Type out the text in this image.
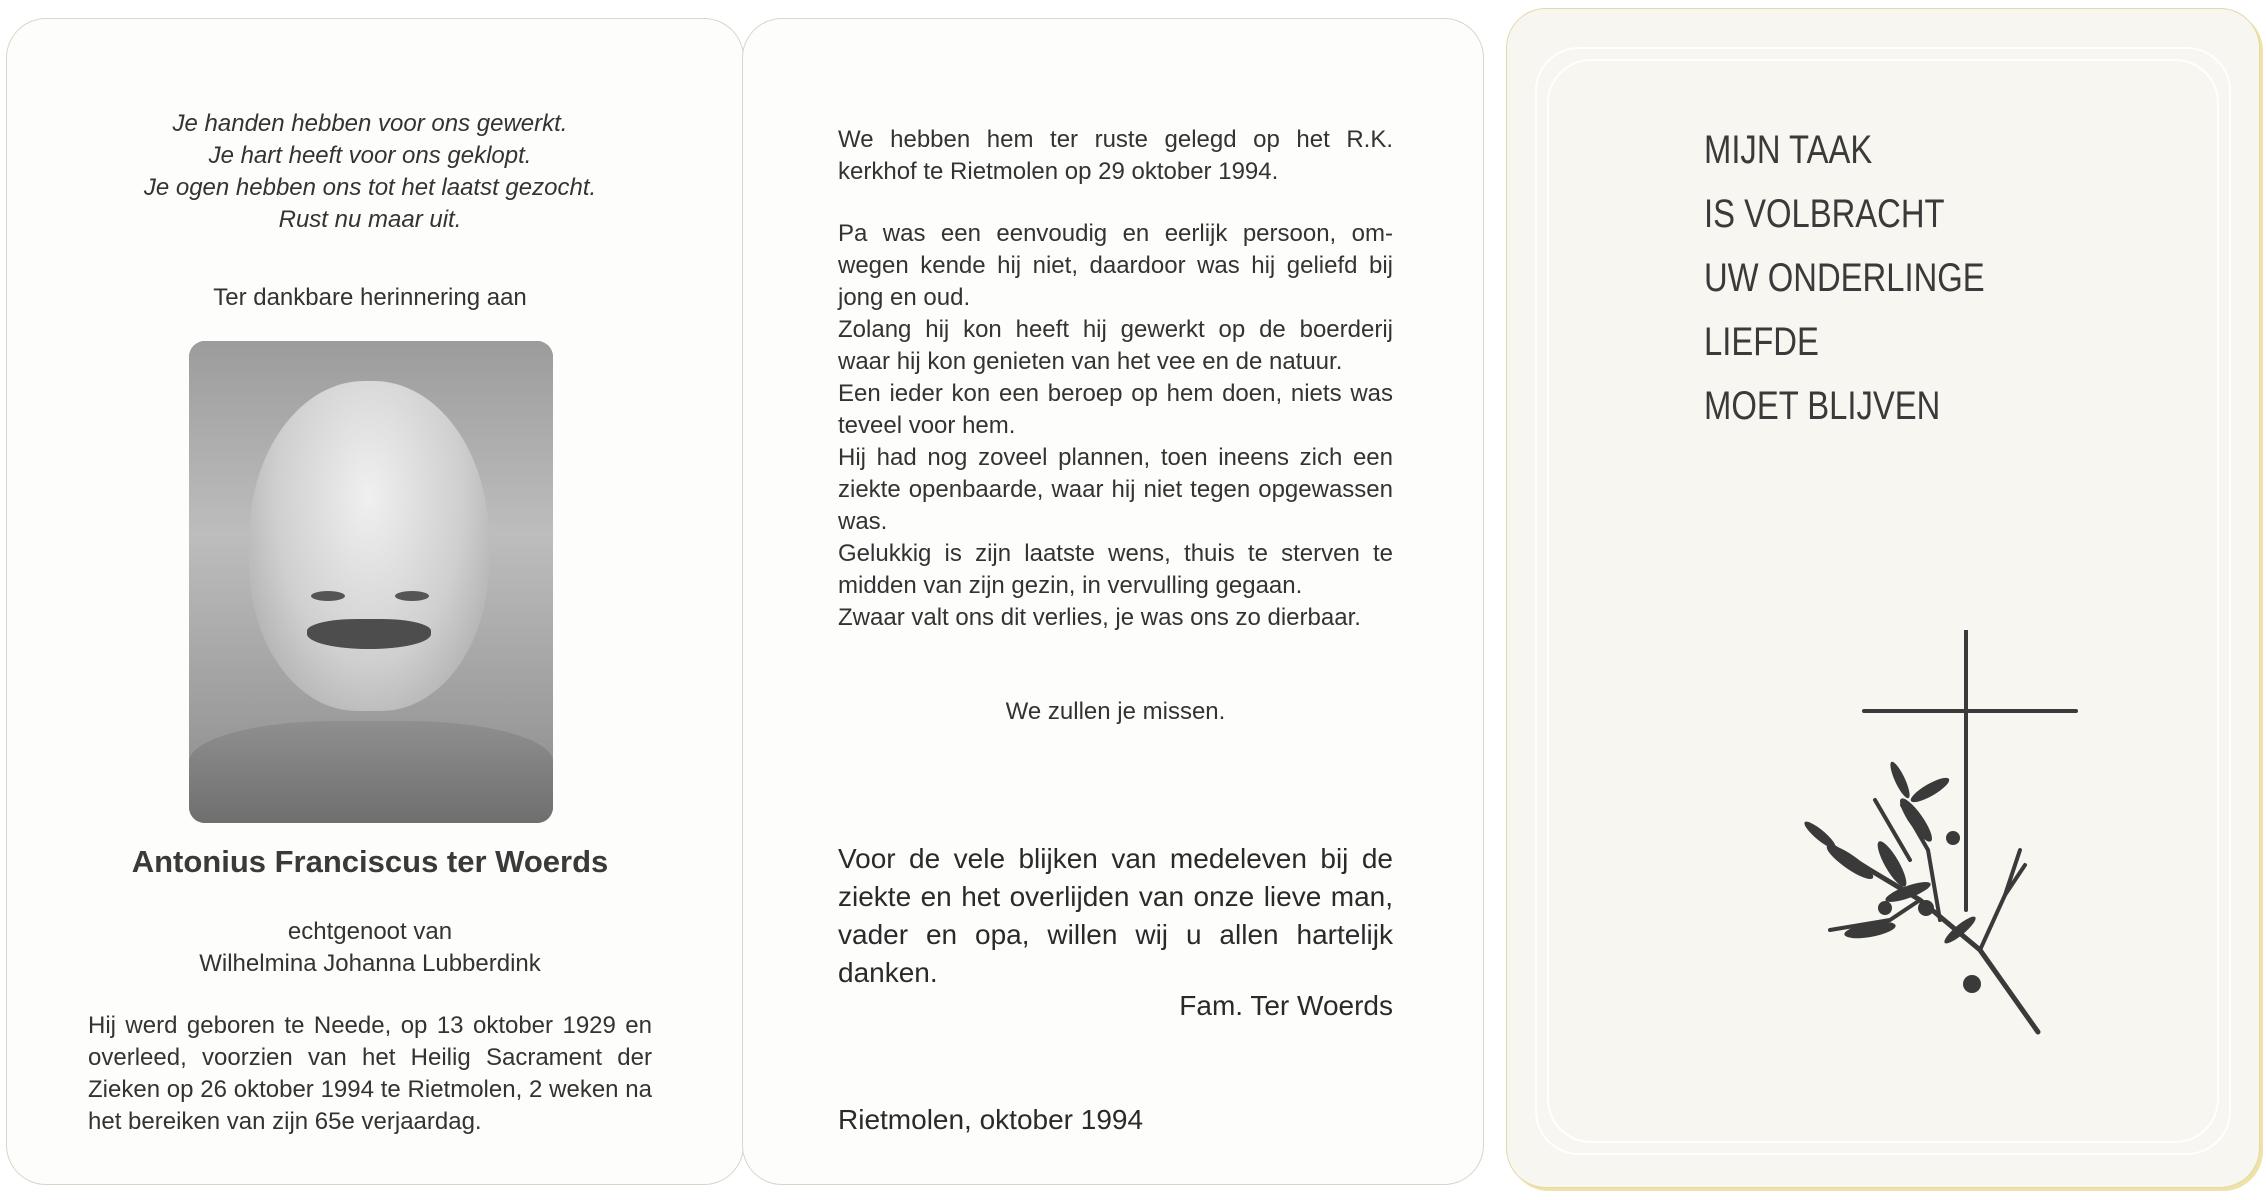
Je handen hebben voor ons gewerkt.
Je hart heeft voor ons geklopt.
Je ogen hebben ons tot het laatst gezocht.
Rust nu maar uit.
Ter dankbare herinnering aan
Antonius Franciscus ter Woerds
echtgenoot van
Wilhelmina Johanna Lubberdink
Hij werd geboren te Neede, op 13 oktober 1929 en overleed, voorzien van het Heilig Sacrament der Zieken op 26 oktober 1994 te Rietmolen, 2 weken na het bereiken van zijn 65e verjaardag.
We hebben hem ter ruste gelegd op het R.K. kerkhof te Rietmolen op 29 oktober 1994.

Pa was een eenvoudig en eerlijk persoon, omwegen kende hij niet, daardoor was hij geliefd bij jong en oud.

Zolang hij kon heeft hij gewerkt op de boerderij waar hij kon genieten van het vee en de natuur.

Een ieder kon een beroep op hem doen, niets was teveel voor hem.

Hij had nog zoveel plannen, toen ineens zich een ziekte openbaarde, waar hij niet tegen opgewassen was.

Gelukkig is zijn laatste wens, thuis te sterven te midden van zijn gezin, in vervulling gegaan.

Zwaar valt ons dit verlies, je was ons zo dierbaar.

We zullen je missen.
Voor de vele blijken van medeleven bij de ziekte en het overlijden van onze lieve man, vader en opa, willen wij u allen hartelijk danken.
Fam. Ter Woerds
Rietmolen, oktober 1994
MIJN TAAK
IS VOLBRACHT
UW ONDERLINGE
LIEFDE
MOET BLIJVEN
